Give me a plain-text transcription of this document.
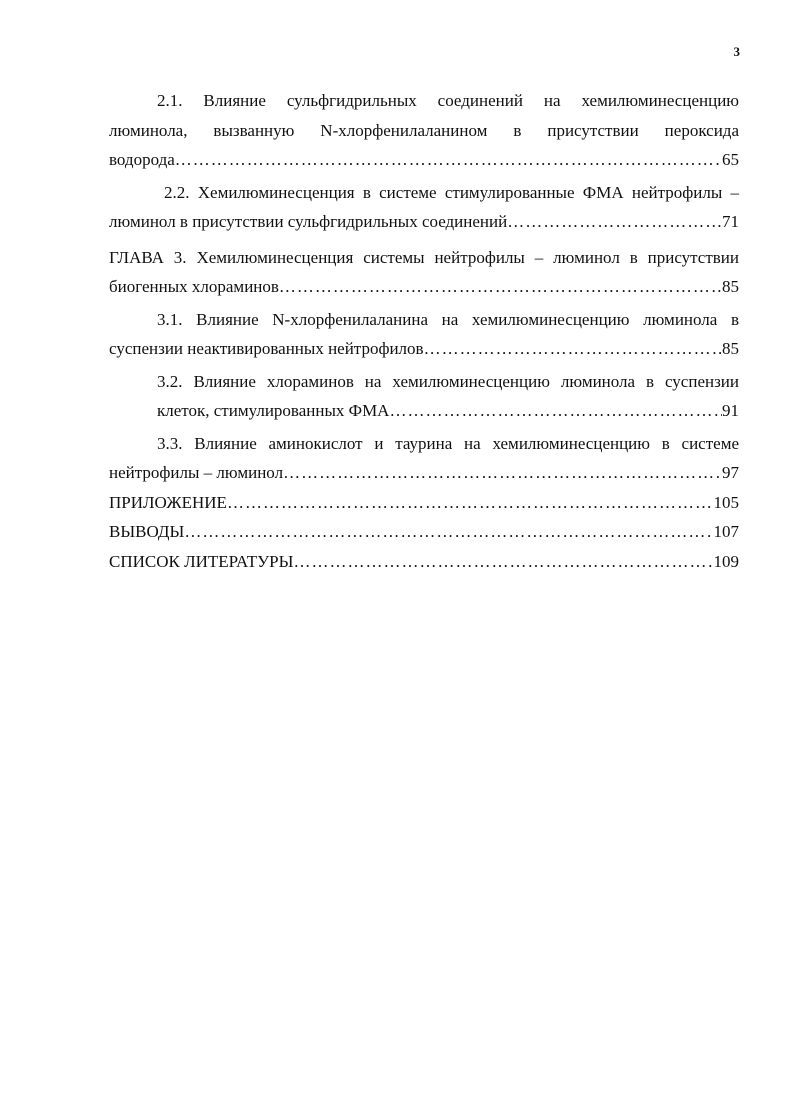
3
2.1. Влияние сульфгидрильных соединений на хемилюминесценцию
люминола, вызванную N-хлорфенилаланином в присутствии пероксида
водорода ……………………………………………………………………………………………………………………………………………………………………………………	65
2.2. Хемилюминесценция в системе стимулированные ФМА нейтрофилы –
люминол в присутствии сульфгидрильных соединений ……………………………………………………………………………………………………………………………………………………………………………………	71
ГЛАВА 3. Хемилюминесценция системы нейтрофилы – люминол в присутствии
биогенных хлораминов ……………………………………………………………………………………………………………………………………………………………………………………	85
3.1. Влияние N-хлорфенилаланина на хемилюминесценцию люминола в
суспензии неактивированных нейтрофилов ……………………………………………………………………………………………………………………………………………………………………………………	85
3.2. Влияние хлораминов на хемилюминесценцию люминола в суспензии
клеток, стимулированных ФМА ……………………………………………………………………………………………………………………………………………………………………………………	91
3.3. Влияние аминокислот и таурина на хемилюминесценцию в системе
нейтрофилы – люминол ……………………………………………………………………………………………………………………………………………………………………………………	97
ПРИЛОЖЕНИЕ ……………………………………………………………………………………………………………………………………………………………………………………	105
ВЫВОДЫ ……………………………………………………………………………………………………………………………………………………………………………………	107
СПИСОК ЛИТЕРАТУРЫ ……………………………………………………………………………………………………………………………………………………………………………………	109
